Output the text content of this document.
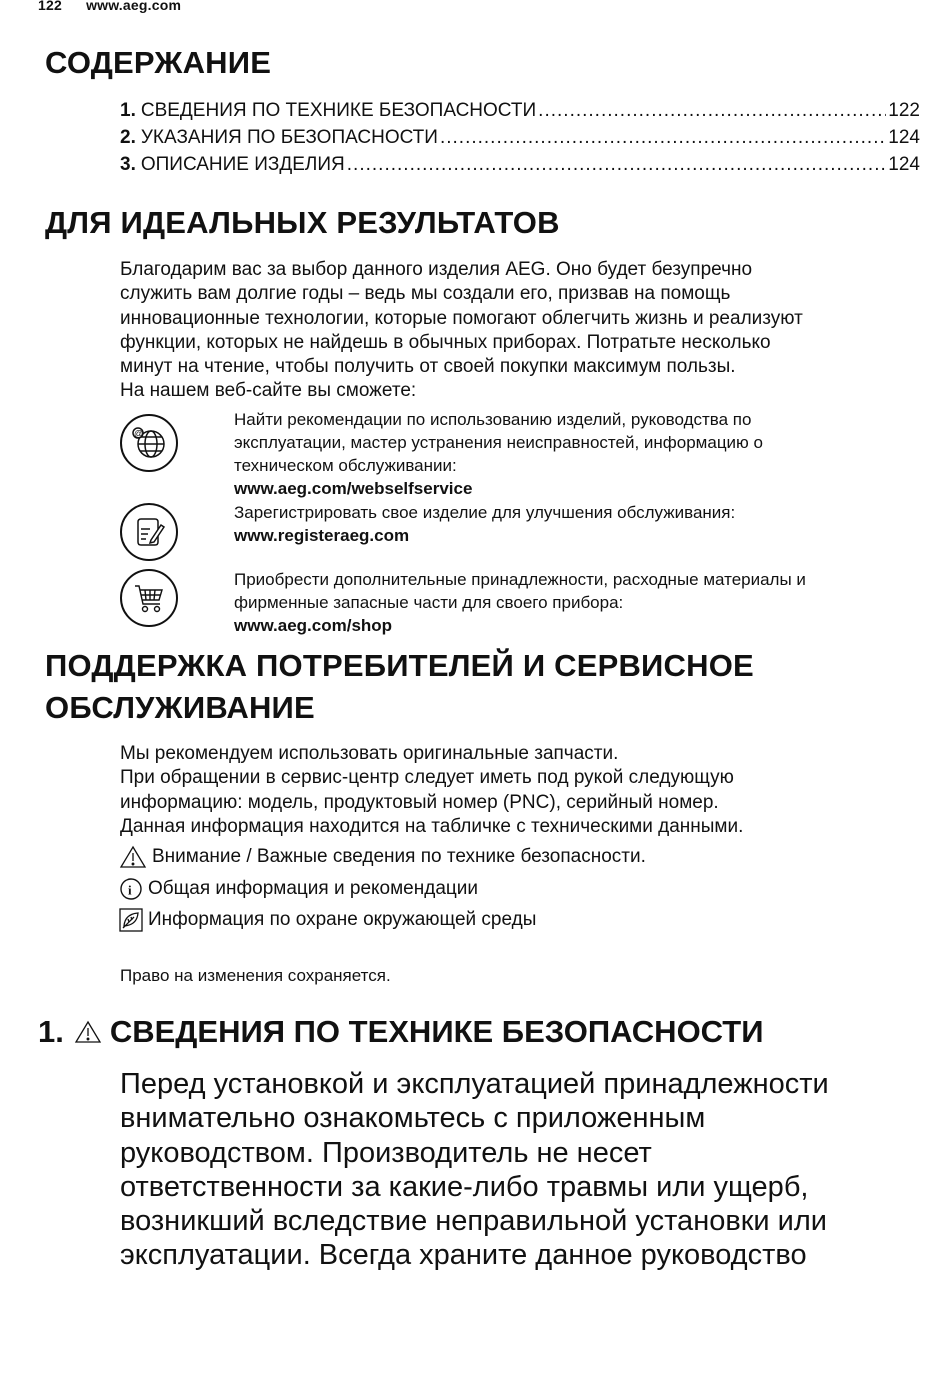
122 www.aeg.com
СОДЕРЖАНИЕ
1. СВЕДЕНИЯ ПО ТЕХНИКЕ БЕЗОПАСНОСТИ .....	122
2. УКАЗАНИЯ ПО БЕЗОПАСНОСТИ .....	124
3. ОПИСАНИЕ ИЗДЕЛИЯ .....	124
ДЛЯ ИДЕАЛЬНЫХ РЕЗУЛЬТАТОВ
Благодарим вас за выбор данного изделия AEG. Оно будет безупречно
служить вам долгие годы – ведь мы создали его, призвав на помощь
инновационные технологии, которые помогают облегчить жизнь и реализуют
функции, которых не найдешь в обычных приборах. Потратьте несколько
минут на чтение, чтобы получить от своей покупки максимум пользы.
На нашем веб-сайте вы сможете:
@
Найти рекомендации по использованию изделий, руководства по
эксплуатации, мастер устранения неисправностей, информацию о
техническом обслуживании:
www.aeg.com/webselfservice
Зарегистрировать свое изделие для улучшения обслуживания:
www.registeraeg.com
Приобрести дополнительные принадлежности, расходные материалы и
фирменные запасные части для своего прибора:
www.aeg.com/shop
ПОДДЕРЖКА ПОТРЕБИТЕЛЕЙ И СЕРВИСНОЕ
ОБСЛУЖИВАНИЕ
Мы рекомендуем использовать оригинальные запчасти.
При обращении в сервис-центр следует иметь под рукой следующую
информацию: модель, продуктовый номер (PNC), серийный номер.
Данная информация находится на табличке с техническими данными.
Внимание / Важные сведения по технике безопасности.
i Общая информация и рекомендации
Информация по охране окружающей среды
Право на изменения сохраняется.
1. СВЕДЕНИЯ ПО ТЕХНИКЕ БЕЗОПАСНОСТИ
Перед установкой и эксплуатацией принадлежности
внимательно ознакомьтесь с приложенным
руководством. Производитель не несет
ответственности за какие-либо травмы или ущерб,
возникший вследствие неправильной установки или
эксплуатации. Всегда храните данное руководство
